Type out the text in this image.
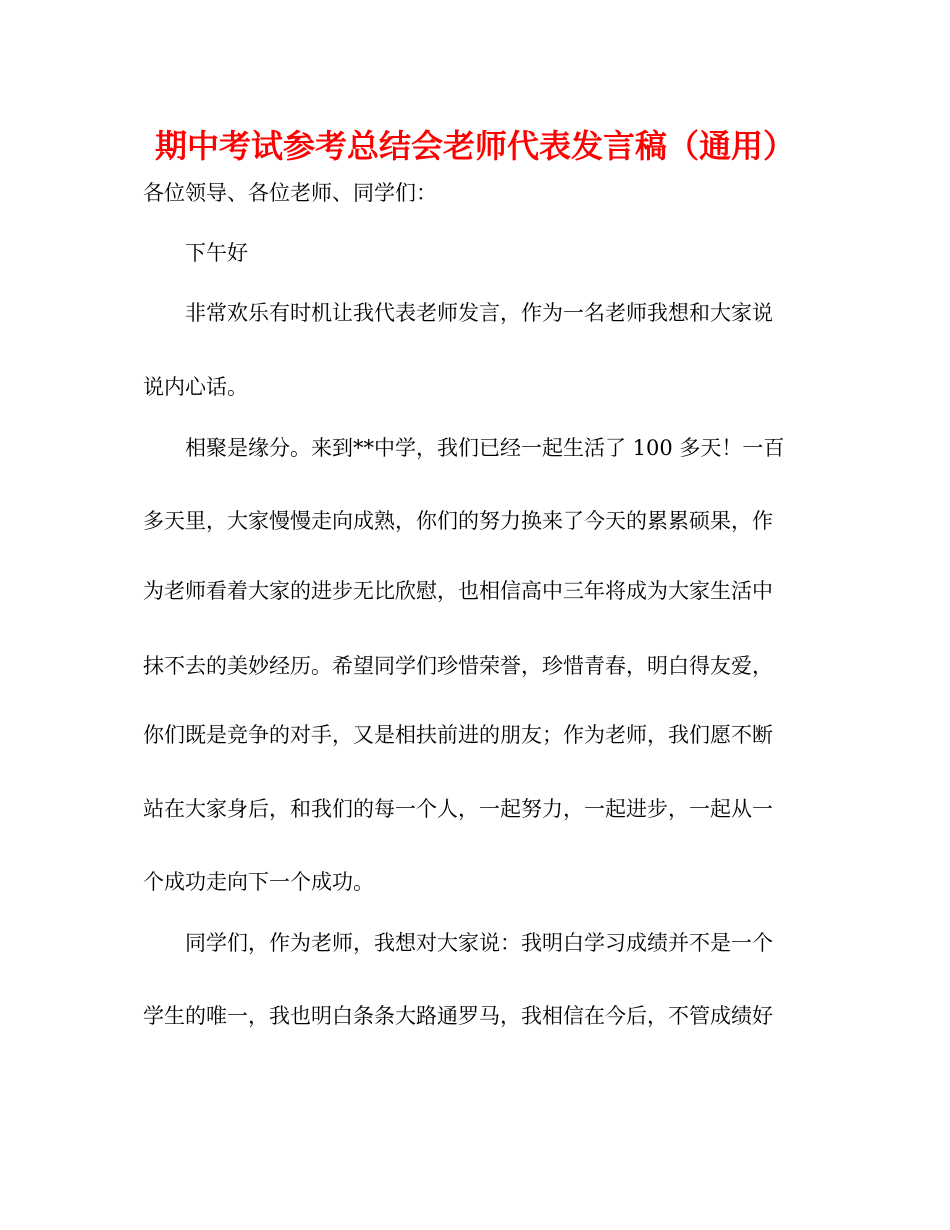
期中考试参考总结会老师代表发言稿（通用）

各位领导、各位老师、同学们：

下午好

非常欢乐有时机让我代表老师发言，作为一名老师我想和大家说

说内心话。

相聚是缘分。来到**中学，我们已经一起生活了 100 多天！一百

多天里，大家慢慢走向成熟，你们的努力换来了今天的累累硕果，作

为老师看着大家的进步无比欣慰，也相信高中三年将成为大家生活中

抹不去的美妙经历。希望同学们珍惜荣誉，珍惜青春，明白得友爱，

你们既是竞争的对手，又是相扶前进的朋友；作为老师，我们愿不断

站在大家身后，和我们的每一个人，一起努力，一起进步，一起从一

个成功走向下一个成功。

同学们，作为老师，我想对大家说：我明白学习成绩并不是一个

学生的唯一，我也明白条条大路通罗马，我相信在今后，不管成绩好
